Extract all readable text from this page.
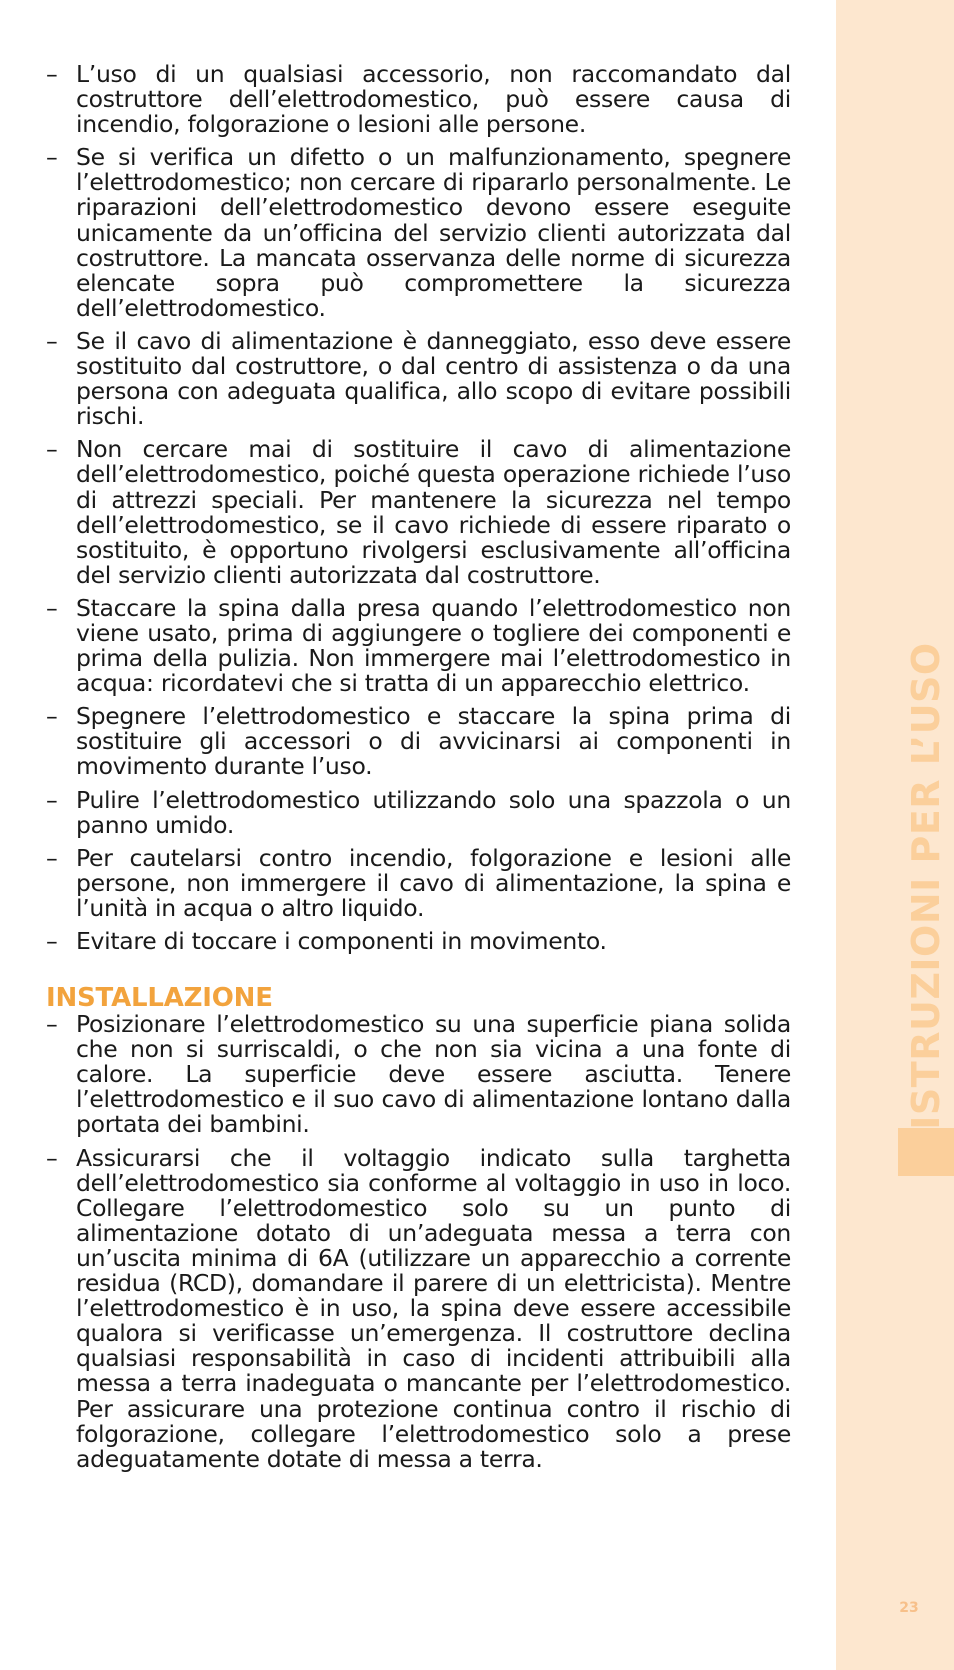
ISTRUZIONI PER L’USO
23
– L’uso di un qualsiasi accessorio, non raccomandato dal costruttore dell’elettrodomestico, può essere causa di incendio, folgorazione o lesioni alle persone.
– Se si verifica un difetto o un malfunzionamento, spegnere l’elettrodomestico; non cercare di ripararlo personalmente. Le riparazioni dell’elettrodomestico devono essere eseguite unicamente da un’officina del servizio clienti autorizzata dal costruttore. La mancata osservanza delle norme di sicurezza elencate sopra può compromettere la sicurezza dell’elettrodomestico.
– Se il cavo di alimentazione è danneggiato, esso deve essere sostituito dal costruttore, o dal centro di assistenza o da una persona con adeguata qualifica, allo scopo di evitare possibili rischi.
– Non cercare mai di sostituire il cavo di alimentazione dell’elettrodomestico, poiché questa operazione richiede l’uso di attrezzi speciali. Per mantenere la sicurezza nel tempo dell’elettrodomestico, se il cavo richiede di essere riparato o sostituito, è opportuno rivolgersi esclusivamente all’officina del servizio clienti autorizzata dal costruttore.
– Staccare la spina dalla presa quando l’elettrodomestico non viene usato, prima di aggiungere o togliere dei componenti e prima della pulizia. Non immergere mai l’elettrodomestico in acqua: ricordatevi che si tratta di un apparecchio elettrico.
– Spegnere l’elettrodomestico e staccare la spina prima di sostituire gli accessori o di avvicinarsi ai componenti in movimento durante l’uso.
– Pulire l’elettrodomestico utilizzando solo una spazzola o un panno umido.
– Per cautelarsi contro incendio, folgorazione e lesioni alle persone, non immergere il cavo di alimentazione, la spina e l’unità in acqua o altro liquido.
– Evitare di toccare i componenti in movimento.
INSTALLAZIONE
– Posizionare l’elettrodomestico su una superficie piana solida che non si surriscaldi, o che non sia vicina a una fonte di calore. La superficie deve essere asciutta. Tenere l’elettrodomestico e il suo cavo di alimentazione lontano dalla portata dei bambini.
– Assicurarsi che il voltaggio indicato sulla targhetta dell’elettrodomestico sia conforme al voltaggio in uso in loco. Collegare l’elettrodomestico solo su un punto di alimentazione dotato di un’adeguata messa a terra con un’uscita minima di 6A (utilizzare un apparecchio a corrente residua (RCD), domandare il parere di un elettricista). Mentre l’elettrodomestico è in uso, la spina deve essere accessibile qualora si verificasse un’emergenza. Il costruttore declina qualsiasi responsabilità in caso di incidenti attribuibili alla messa a terra inadeguata o mancante per l’elettrodomestico. Per assicurare una protezione continua contro il rischio di folgorazione, collegare l’elettrodomestico solo a prese adeguatamente dotate di messa a terra.
